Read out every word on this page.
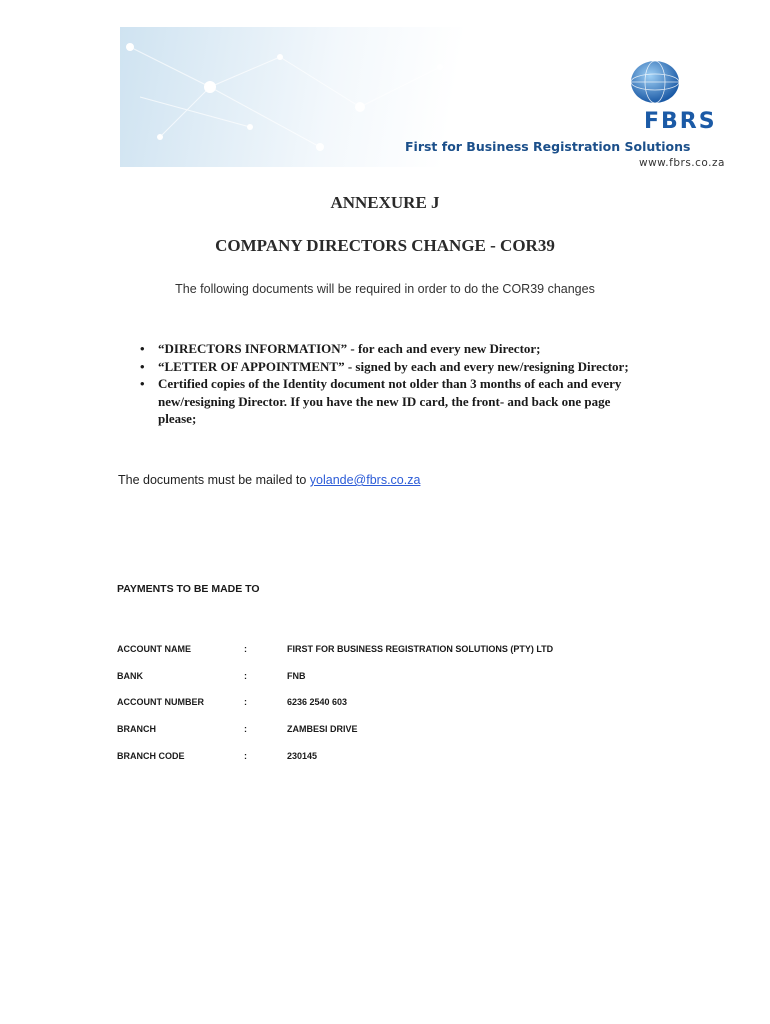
FBRS
First for Business Registration Solutions
www.fbrs.co.za
ANNEXURE J
COMPANY DIRECTORS CHANGE - COR39
The following documents will be required in order to do the COR39 changes
• “DIRECTORS INFORMATION” - for each and every new Director;
• “LETTER OF APPOINTMENT” - signed by each and every new/resigning Director;
• Certified copies of the Identity document not older than 3 months of each and every new/resigning Director. If you have the new ID card, the front- and back one page please;
The documents must be mailed to yolande@fbrs.co.za
PAYMENTS TO BE MADE TO
ACCOUNT NAME	:	FIRST FOR BUSINESS REGISTRATION SOLUTIONS (PTY) LTD
BANK	:	FNB
ACCOUNT NUMBER	:	6236 2540 603
BRANCH	:	ZAMBESI DRIVE
BRANCH CODE	:	230145
